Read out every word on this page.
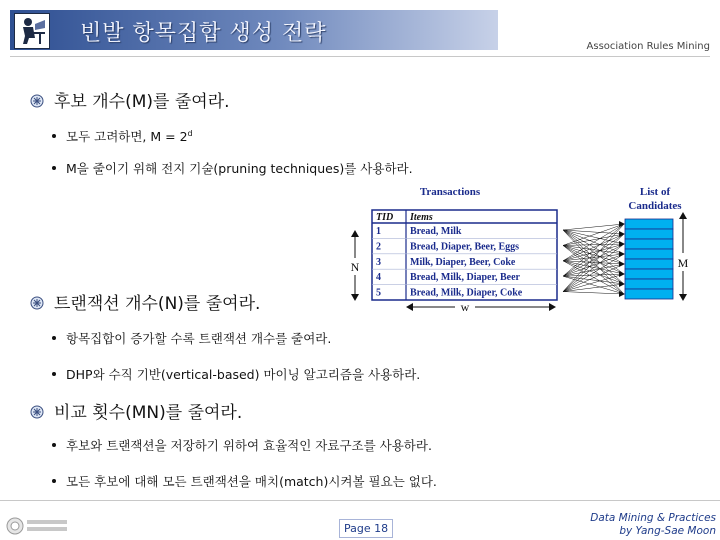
빈발 항목집합 생성 전략
Association Rules Mining
후보 개수(M)를 줄여라.
모두 고려하면, $M = 2^d$
M을 줄이기 위해 전지 기술(pruning techniques)를 사용하라.
트랜잭션 개수(N)를 줄여라.
항목집합이 증가할 수록 트랜잭션 개수를 줄여라.
DHP와 수직 기반(vertical-based) 마이닝 알고리즘을 사용하라.
비교 횟수(MN)를 줄여라.
후보와 트랜잭션을 저장하기 위하여 효율적인 자료구조를 사용하라.
모든 후보에 대해 모든 트랜잭션을 매치(match)시켜볼 필요는 없다.
Transactions	List of
Candidates
TID Items
1	Bread, Milk
2	Bread, Diaper, Beer, Eggs
3	Milk, Diaper, Beer, Coke
4	Bread, Milk, Diaper, Beer
5	Bread, Milk, Diaper, Coke
N
w
M
Page 18
Data Mining & Practices
by Yang-Sae Moon
